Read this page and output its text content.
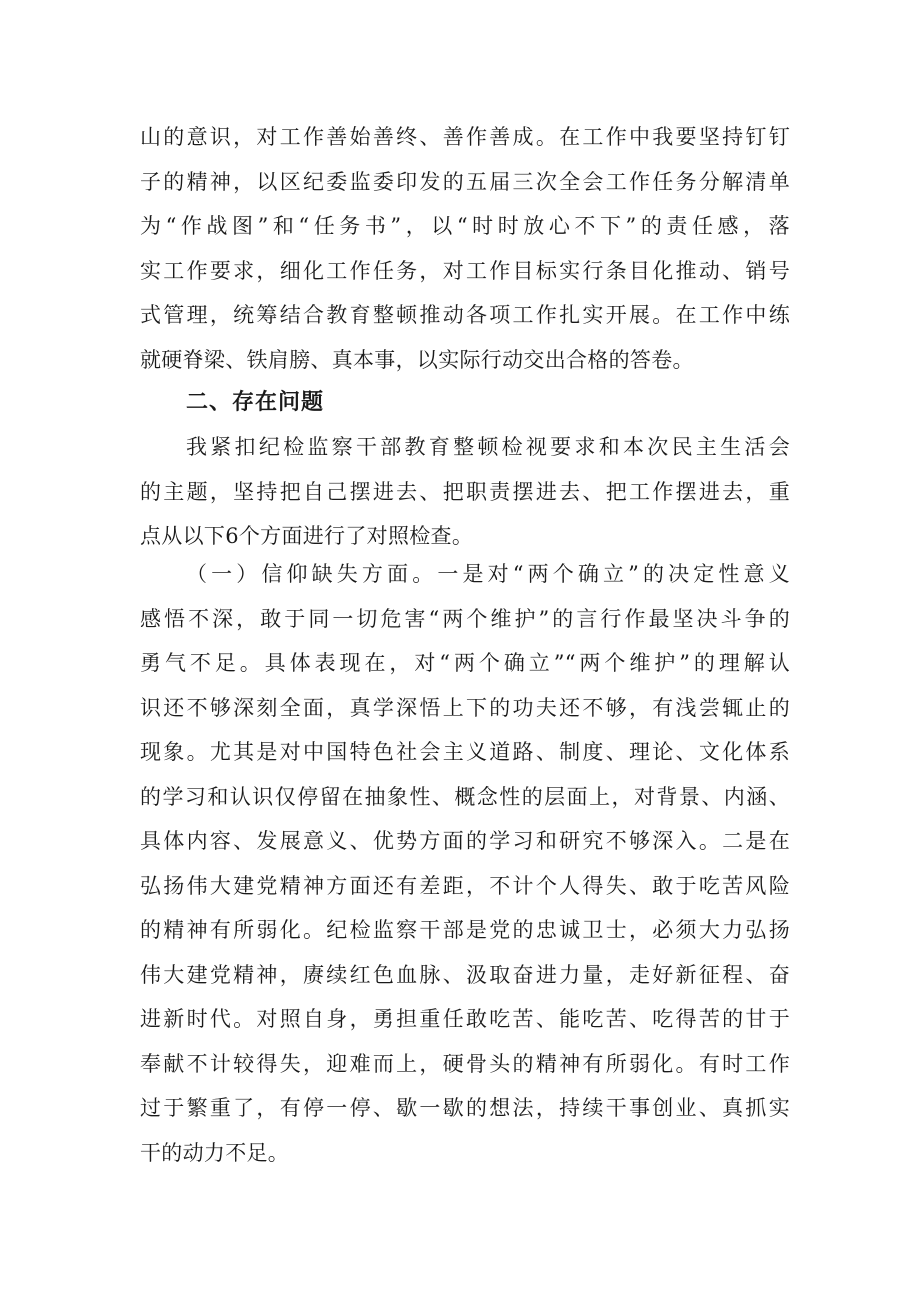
山的意识，对工作善始善终、善作善成。在工作中我要坚持钉钉
子的精神，以区纪委监委印发的五届三次全会工作任务分解清单
为“作战图”和“任务书”，以“时时放心不下”的责任感，落
实工作要求，细化工作任务，对工作目标实行条目化推动、销号
式管理，统筹结合教育整顿推动各项工作扎实开展。在工作中练
就硬脊梁、铁肩膀、真本事，以实际行动交出合格的答卷。
二、存在问题
我紧扣纪检监察干部教育整顿检视要求和本次民主生活会
的主题，坚持把自己摆进去、把职责摆进去、把工作摆进去，重
点从以下6个方面进行了对照检查。
（一）信仰缺失方面。一是对“两个确立”的决定性意义
感悟不深，敢于同一切危害“两个维护”的言行作最坚决斗争的
勇气不足。具体表现在，对“两个确立”“两个维护”的理解认
识还不够深刻全面，真学深悟上下的功夫还不够，有浅尝辄止的
现象。尤其是对中国特色社会主义道路、制度、理论、文化体系
的学习和认识仅停留在抽象性、概念性的层面上，对背景、内涵、
具体内容、发展意义、优势方面的学习和研究不够深入。二是在
弘扬伟大建党精神方面还有差距，不计个人得失、敢于吃苦风险
的精神有所弱化。纪检监察干部是党的忠诚卫士，必须大力弘扬
伟大建党精神，赓续红色血脉、汲取奋进力量，走好新征程、奋
进新时代。对照自身，勇担重任敢吃苦、能吃苦、吃得苦的甘于
奉献不计较得失，迎难而上，硬骨头的精神有所弱化。有时工作
过于繁重了，有停一停、歇一歇的想法，持续干事创业、真抓实
干的动力不足。
